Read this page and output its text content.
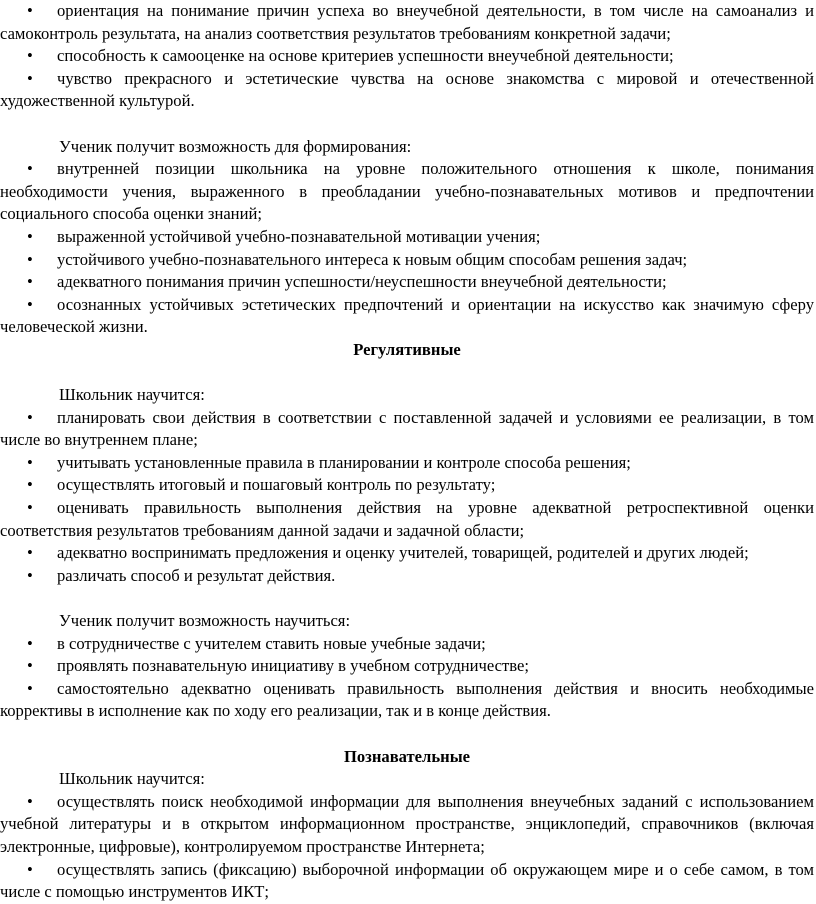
• ориентация на понимание причин успеха во внеучебной деятельности, в том числе на самоанализ и самоконтроль результата, на анализ соответствия результатов требованиям конкретной задачи;
• способность к самооценке на основе критериев успешности внеучебной деятельности;
• чувство прекрасного и эстетические чувства на основе знакомства с мировой и отечественной художественной культурой.
Ученик получит возможность для формирования:
• внутренней позиции школьника на уровне положительного отношения к школе, понимания необходимости учения, выраженного в преобладании учебно-познавательных мотивов и предпочтении социального способа оценки знаний;
• выраженной устойчивой учебно-познавательной мотивации учения;
• устойчивого учебно-познавательного интереса к новым общим способам решения задач;
• адекватного понимания причин успешности/неуспешности внеучебной деятельности;
• осознанных устойчивых эстетических предпочтений и ориентации на искусство как значимую сферу человеческой жизни.
Регулятивные
Школьник научится:
• планировать свои действия в соответствии с поставленной задачей и условиями ее реализации, в том числе во внутреннем плане;
• учитывать установленные правила в планировании и контроле способа решения;
• осуществлять итоговый и пошаговый контроль по результату;
• оценивать правильность выполнения действия на уровне адекватной ретроспективной оценки соответствия результатов требованиям данной задачи и задачной области;
• адекватно воспринимать предложения и оценку учителей, товарищей, родителей и других людей;
• различать способ и результат действия.
Ученик получит возможность научиться:
• в сотрудничестве с учителем ставить новые учебные задачи;
• проявлять познавательную инициативу в учебном сотрудничестве;
• самостоятельно адекватно оценивать правильность выполнения действия и вносить необходимые коррективы в исполнение как по ходу его реализации, так и в конце действия.
Познавательные
Школьник научится:
• осуществлять поиск необходимой информации для выполнения внеучебных заданий с использованием учебной литературы и в открытом информационном пространстве, энциклопедий, справочников (включая электронные, цифровые), контролируемом пространстве Интернета;
• осуществлять запись (фиксацию) выборочной информации об окружающем мире и о себе самом, в том числе с помощью инструментов ИКТ;
